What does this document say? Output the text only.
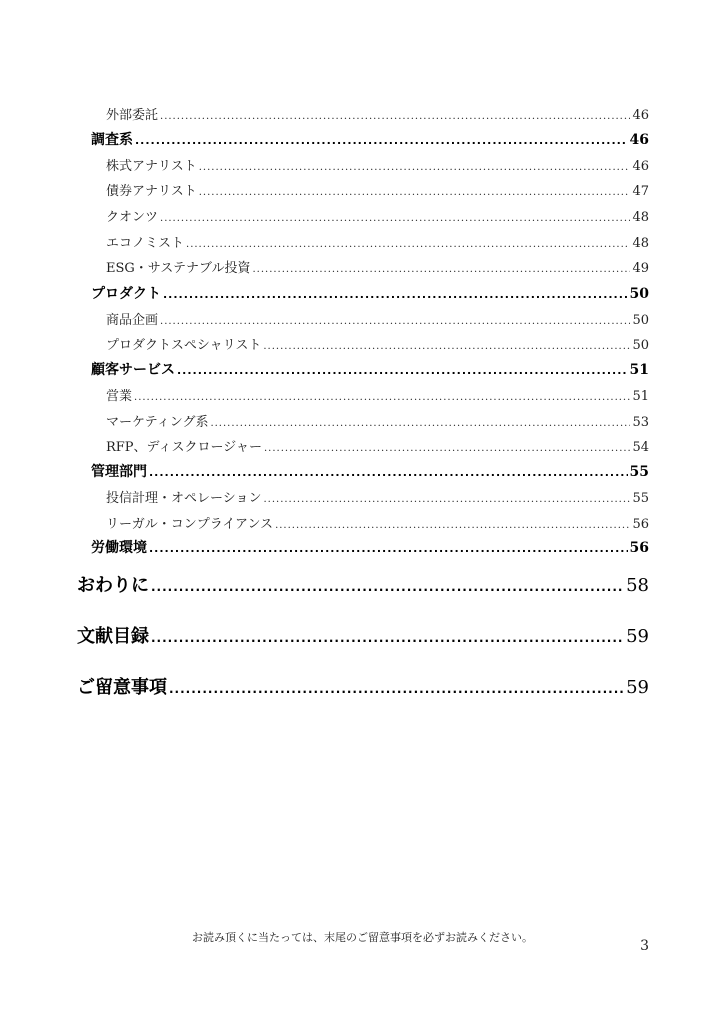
外部委託 .....	46
調査系 .....	46
株式アナリスト .....	46
債券アナリスト .....	47
クオンツ .....	48
エコノミスト .....	48
ESG・サステナブル投資 .....	49
プロダクト .....	50
商品企画 .....	50
プロダクトスペシャリスト .....	50
顧客サービス .....	51
営業 .....	51
マーケティング系 .....	53
RFP、ディスクロージャー .....	54
管理部門 .....	55
投信計理・オペレーション .....	55
リーガル・コンプライアンス .....	56
労働環境 .....	56
おわりに .....	58
文献目録 .....	59
ご留意事項 .....	59
お読み頂くに当たっては、末尾のご留意事項を必ずお読みください。
3
